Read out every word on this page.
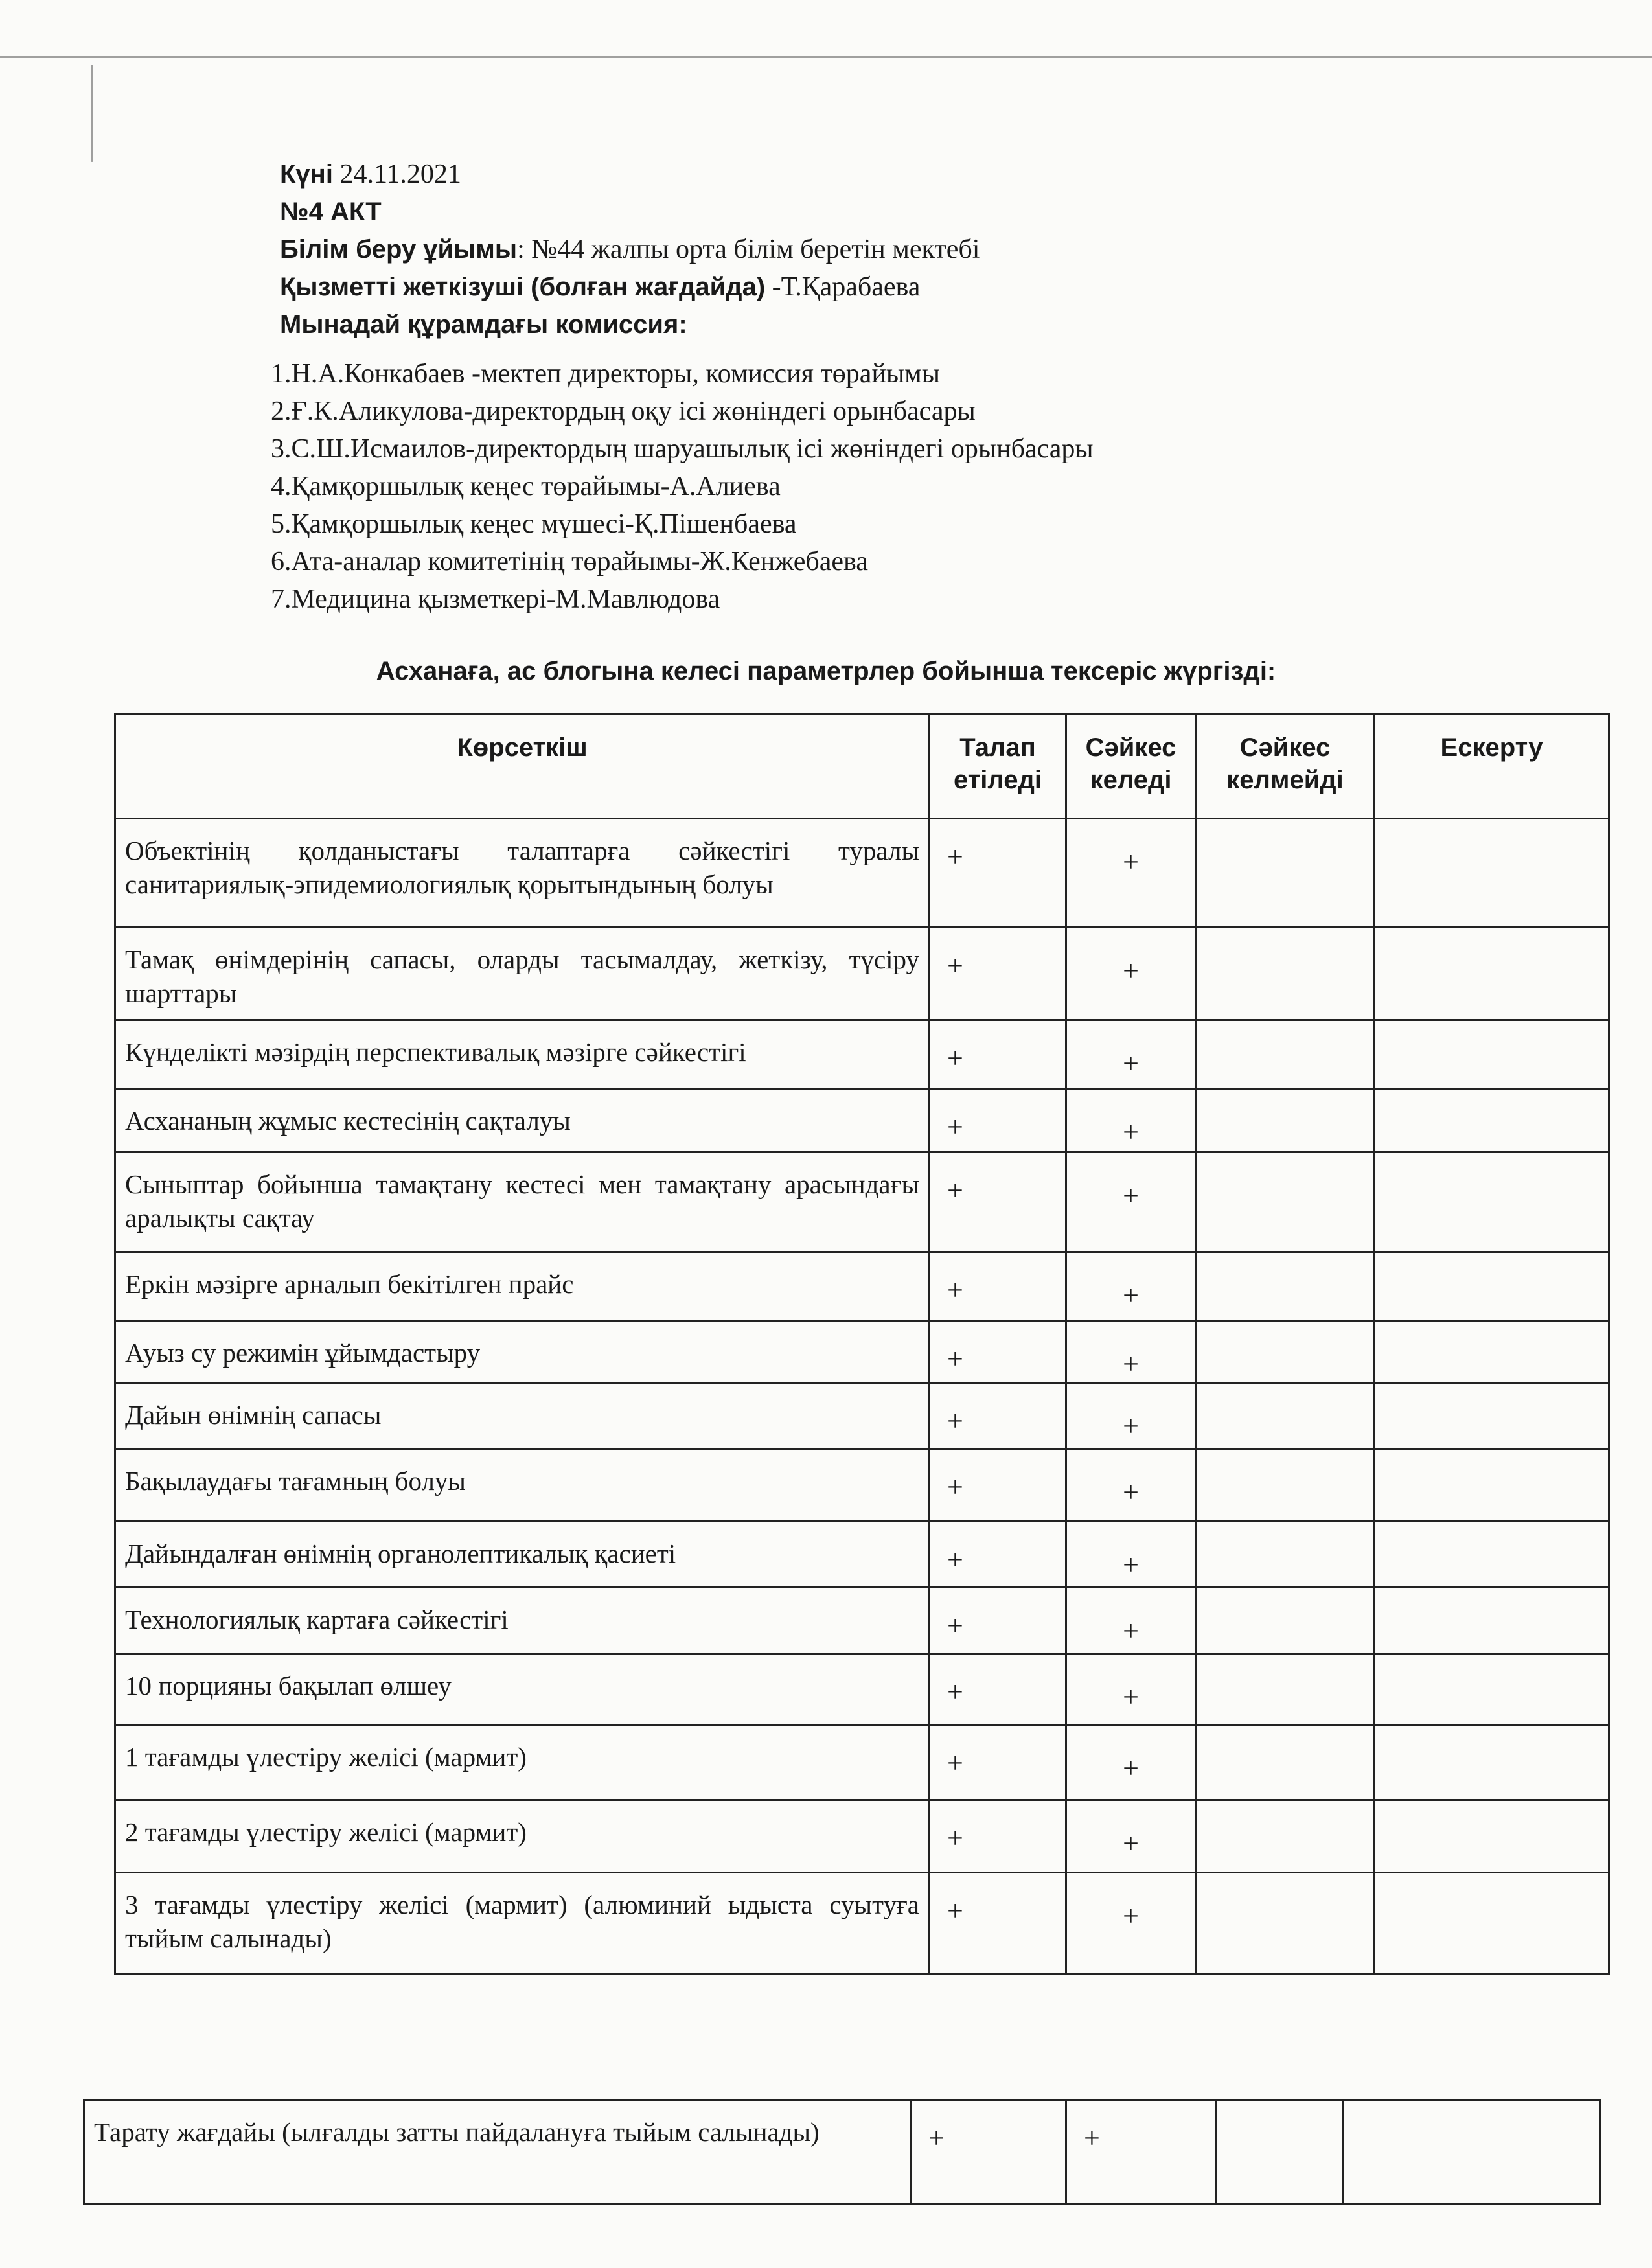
Күні 24.11.2021
№4 АКТ
Білім беру ұйымы: №44 жалпы орта білім беретін мектебі
Қызметті жеткізуші (болған жағдайда) -Т.Қарабаева
Мынадай құрамдағы комиссия:
1.Н.А.Конкабаев -мектеп директоры, комиссия төрайымы
2.Ғ.К.Аликулова-директордың оқу ісі жөніндегі орынбасары
3.С.Ш.Исмаилов-директордың шаруашылық ісі жөніндегі орынбасары
4.Қамқоршылық кеңес төрайымы-А.Алиева
5.Қамқоршылық кеңес мүшесі-Қ.Пішенбаева
6.Ата-аналар комитетінің төрайымы-Ж.Кенжебаева
7.Медицина қызметкері-М.Мавлюдова
Асханаға, ас блогына келесі параметрлер бойынша тексеріс жүргізді:
Көрсеткіш	Талап етіледі	Сәйкес келеді	Сәйкес келмейді	Ескерту
Объектінің қолданыстағы талаптарға сәйкестігі туралы санитариялық-эпидемиологиялық қорытындының болуы	+	+		
Тамақ өнімдерінің сапасы, оларды тасымалдау, жеткізу, түсіру шарттары	+	+		
Күнделікті мәзірдің перспективалық мәзірге сәйкестігі	+	+		
Асхананың жұмыс кестесінің сақталуы	+	+		
Сыныптар бойынша тамақтану кестесі мен тамақтану арасындағы аралықты сақтау	+	+		
Еркін мәзірге арналып бекітілген прайс	+	+		
Ауыз су режимін ұйымдастыру	+	+		
Дайын өнімнің сапасы	+	+		
Бақылаудағы тағамның болуы	+	+		
Дайындалған өнімнің органолептикалық қасиеті	+	+		
Технологиялық картаға сәйкестігі	+	+		
10 порцияны бақылап өлшеу	+	+		
1 тағамды үлестіру желісі (мармит)	+	+		
2 тағамды үлестіру желісі (мармит)	+	+		
3 тағамды үлестіру желісі (мармит) (алюминий ыдыста суытуға тыйым салынады)	+	+		
Тарату жағдайы (ылғалды затты пайдалануға тыйым салынады)	+	+		
